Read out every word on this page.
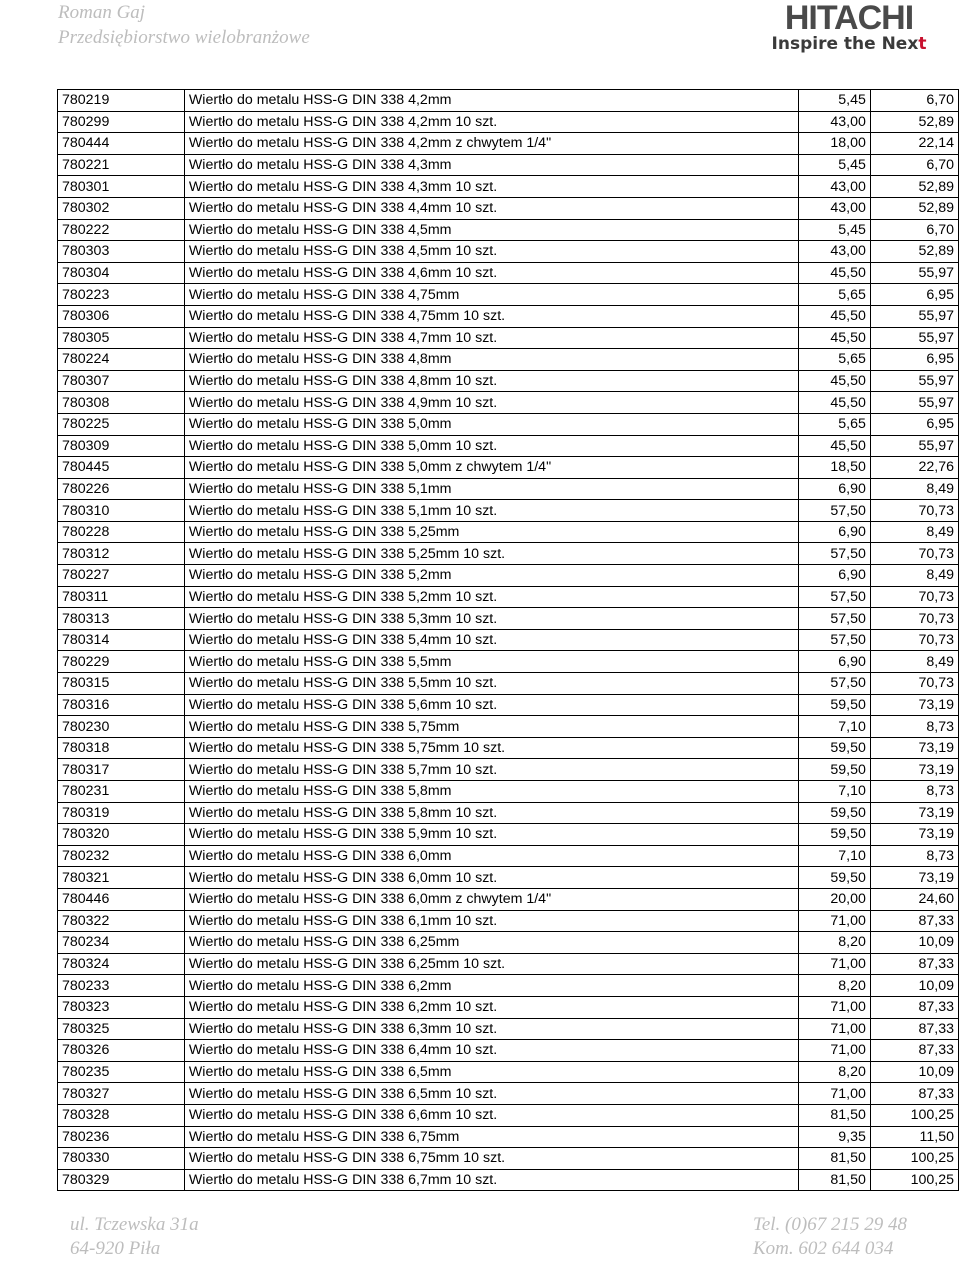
Roman Gaj
Przedsiębiorstwo wielobranżowe
HITACHI
Inspire the Next
780219	Wiertło do metalu HSS-G DIN 338 4,2mm	5,45	6,70
780299	Wiertło do metalu HSS-G DIN 338 4,2mm 10 szt.	43,00	52,89
780444	Wiertło do metalu HSS-G DIN 338 4,2mm z chwytem 1/4"	18,00	22,14
780221	Wiertło do metalu HSS-G DIN 338 4,3mm	5,45	6,70
780301	Wiertło do metalu HSS-G DIN 338 4,3mm 10 szt.	43,00	52,89
780302	Wiertło do metalu HSS-G DIN 338 4,4mm 10 szt.	43,00	52,89
780222	Wiertło do metalu HSS-G DIN 338 4,5mm	5,45	6,70
780303	Wiertło do metalu HSS-G DIN 338 4,5mm 10 szt.	43,00	52,89
780304	Wiertło do metalu HSS-G DIN 338 4,6mm 10 szt.	45,50	55,97
780223	Wiertło do metalu HSS-G DIN 338 4,75mm	5,65	6,95
780306	Wiertło do metalu HSS-G DIN 338 4,75mm 10 szt.	45,50	55,97
780305	Wiertło do metalu HSS-G DIN 338 4,7mm 10 szt.	45,50	55,97
780224	Wiertło do metalu HSS-G DIN 338 4,8mm	5,65	6,95
780307	Wiertło do metalu HSS-G DIN 338 4,8mm 10 szt.	45,50	55,97
780308	Wiertło do metalu HSS-G DIN 338 4,9mm 10 szt.	45,50	55,97
780225	Wiertło do metalu HSS-G DIN 338 5,0mm	5,65	6,95
780309	Wiertło do metalu HSS-G DIN 338 5,0mm 10 szt.	45,50	55,97
780445	Wiertło do metalu HSS-G DIN 338 5,0mm z chwytem 1/4"	18,50	22,76
780226	Wiertło do metalu HSS-G DIN 338 5,1mm	6,90	8,49
780310	Wiertło do metalu HSS-G DIN 338 5,1mm 10 szt.	57,50	70,73
780228	Wiertło do metalu HSS-G DIN 338 5,25mm	6,90	8,49
780312	Wiertło do metalu HSS-G DIN 338 5,25mm 10 szt.	57,50	70,73
780227	Wiertło do metalu HSS-G DIN 338 5,2mm	6,90	8,49
780311	Wiertło do metalu HSS-G DIN 338 5,2mm 10 szt.	57,50	70,73
780313	Wiertło do metalu HSS-G DIN 338 5,3mm 10 szt.	57,50	70,73
780314	Wiertło do metalu HSS-G DIN 338 5,4mm 10 szt.	57,50	70,73
780229	Wiertło do metalu HSS-G DIN 338 5,5mm	6,90	8,49
780315	Wiertło do metalu HSS-G DIN 338 5,5mm 10 szt.	57,50	70,73
780316	Wiertło do metalu HSS-G DIN 338 5,6mm 10 szt.	59,50	73,19
780230	Wiertło do metalu HSS-G DIN 338 5,75mm	7,10	8,73
780318	Wiertło do metalu HSS-G DIN 338 5,75mm 10 szt.	59,50	73,19
780317	Wiertło do metalu HSS-G DIN 338 5,7mm 10 szt.	59,50	73,19
780231	Wiertło do metalu HSS-G DIN 338 5,8mm	7,10	8,73
780319	Wiertło do metalu HSS-G DIN 338 5,8mm 10 szt.	59,50	73,19
780320	Wiertło do metalu HSS-G DIN 338 5,9mm 10 szt.	59,50	73,19
780232	Wiertło do metalu HSS-G DIN 338 6,0mm	7,10	8,73
780321	Wiertło do metalu HSS-G DIN 338 6,0mm 10 szt.	59,50	73,19
780446	Wiertło do metalu HSS-G DIN 338 6,0mm z chwytem 1/4"	20,00	24,60
780322	Wiertło do metalu HSS-G DIN 338 6,1mm 10 szt.	71,00	87,33
780234	Wiertło do metalu HSS-G DIN 338 6,25mm	8,20	10,09
780324	Wiertło do metalu HSS-G DIN 338 6,25mm 10 szt.	71,00	87,33
780233	Wiertło do metalu HSS-G DIN 338 6,2mm	8,20	10,09
780323	Wiertło do metalu HSS-G DIN 338 6,2mm 10 szt.	71,00	87,33
780325	Wiertło do metalu HSS-G DIN 338 6,3mm 10 szt.	71,00	87,33
780326	Wiertło do metalu HSS-G DIN 338 6,4mm 10 szt.	71,00	87,33
780235	Wiertło do metalu HSS-G DIN 338 6,5mm	8,20	10,09
780327	Wiertło do metalu HSS-G DIN 338 6,5mm 10 szt.	71,00	87,33
780328	Wiertło do metalu HSS-G DIN 338 6,6mm 10 szt.	81,50	100,25
780236	Wiertło do metalu HSS-G DIN 338 6,75mm	9,35	11,50
780330	Wiertło do metalu HSS-G DIN 338 6,75mm 10 szt.	81,50	100,25
780329	Wiertło do metalu HSS-G DIN 338 6,7mm 10 szt.	81,50	100,25
ul. Tczewska 31a
64-920 Piła
Tel. (0)67 215 29 48
Kom. 602 644 034
